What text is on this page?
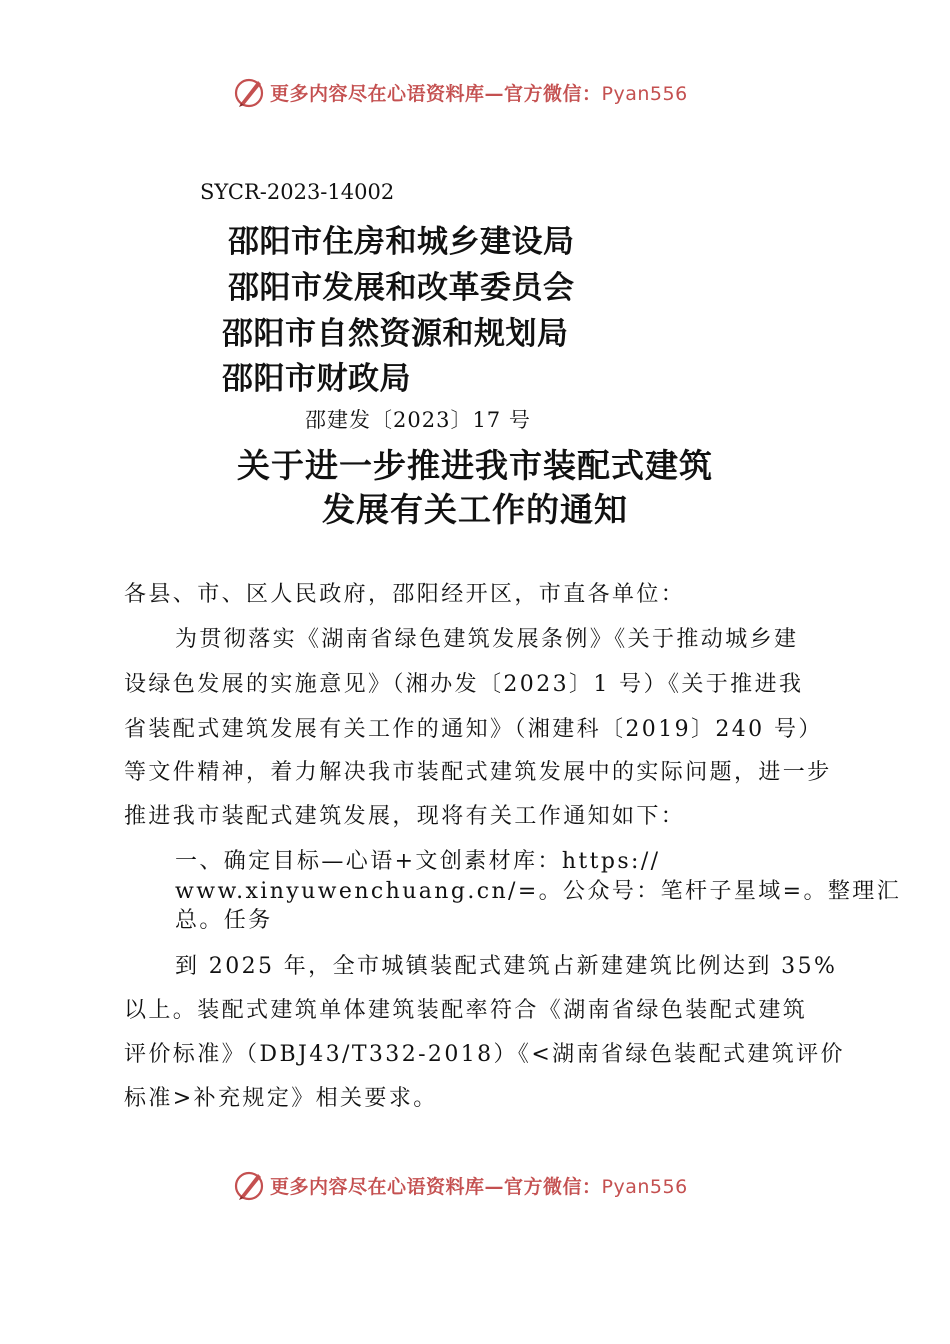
更多内容尽在心语资料库—官方微信：Pyan556
SYCR-2023-14002
邵阳市住房和城乡建设局
邵阳市发展和改革委员会
邵阳市自然资源和规划局
邵阳市财政局
邵建发〔2023〕17 号
关于进一步推进我市装配式建筑
发展有关工作的通知
各县、市、区人民政府，邵阳经开区，市直各单位：
为贯彻落实《湖南省绿色建筑发展条例》《关于推动城乡建
设绿色发展的实施意见》（湘办发〔2023〕1 号）《关于推进我
省装配式建筑发展有关工作的通知》（湘建科〔2019〕240 号）
等文件精神，着力解决我市装配式建筑发展中的实际问题，进一步
推进我市装配式建筑发展，现将有关工作通知如下：
一、确定目标—心语+文创素材库：https://
www.xinyuwenchuang.cn/=。公众号：笔杆子星域=。整理汇
总。任务
到 2025 年，全市城镇装配式建筑占新建建筑比例达到 35%
以上。装配式建筑单体建筑装配率符合《湖南省绿色装配式建筑
评价标准》（DBJ43/T332-2018）《<湖南省绿色装配式建筑评价
标准>补充规定》相关要求。
更多内容尽在心语资料库—官方微信：Pyan556
